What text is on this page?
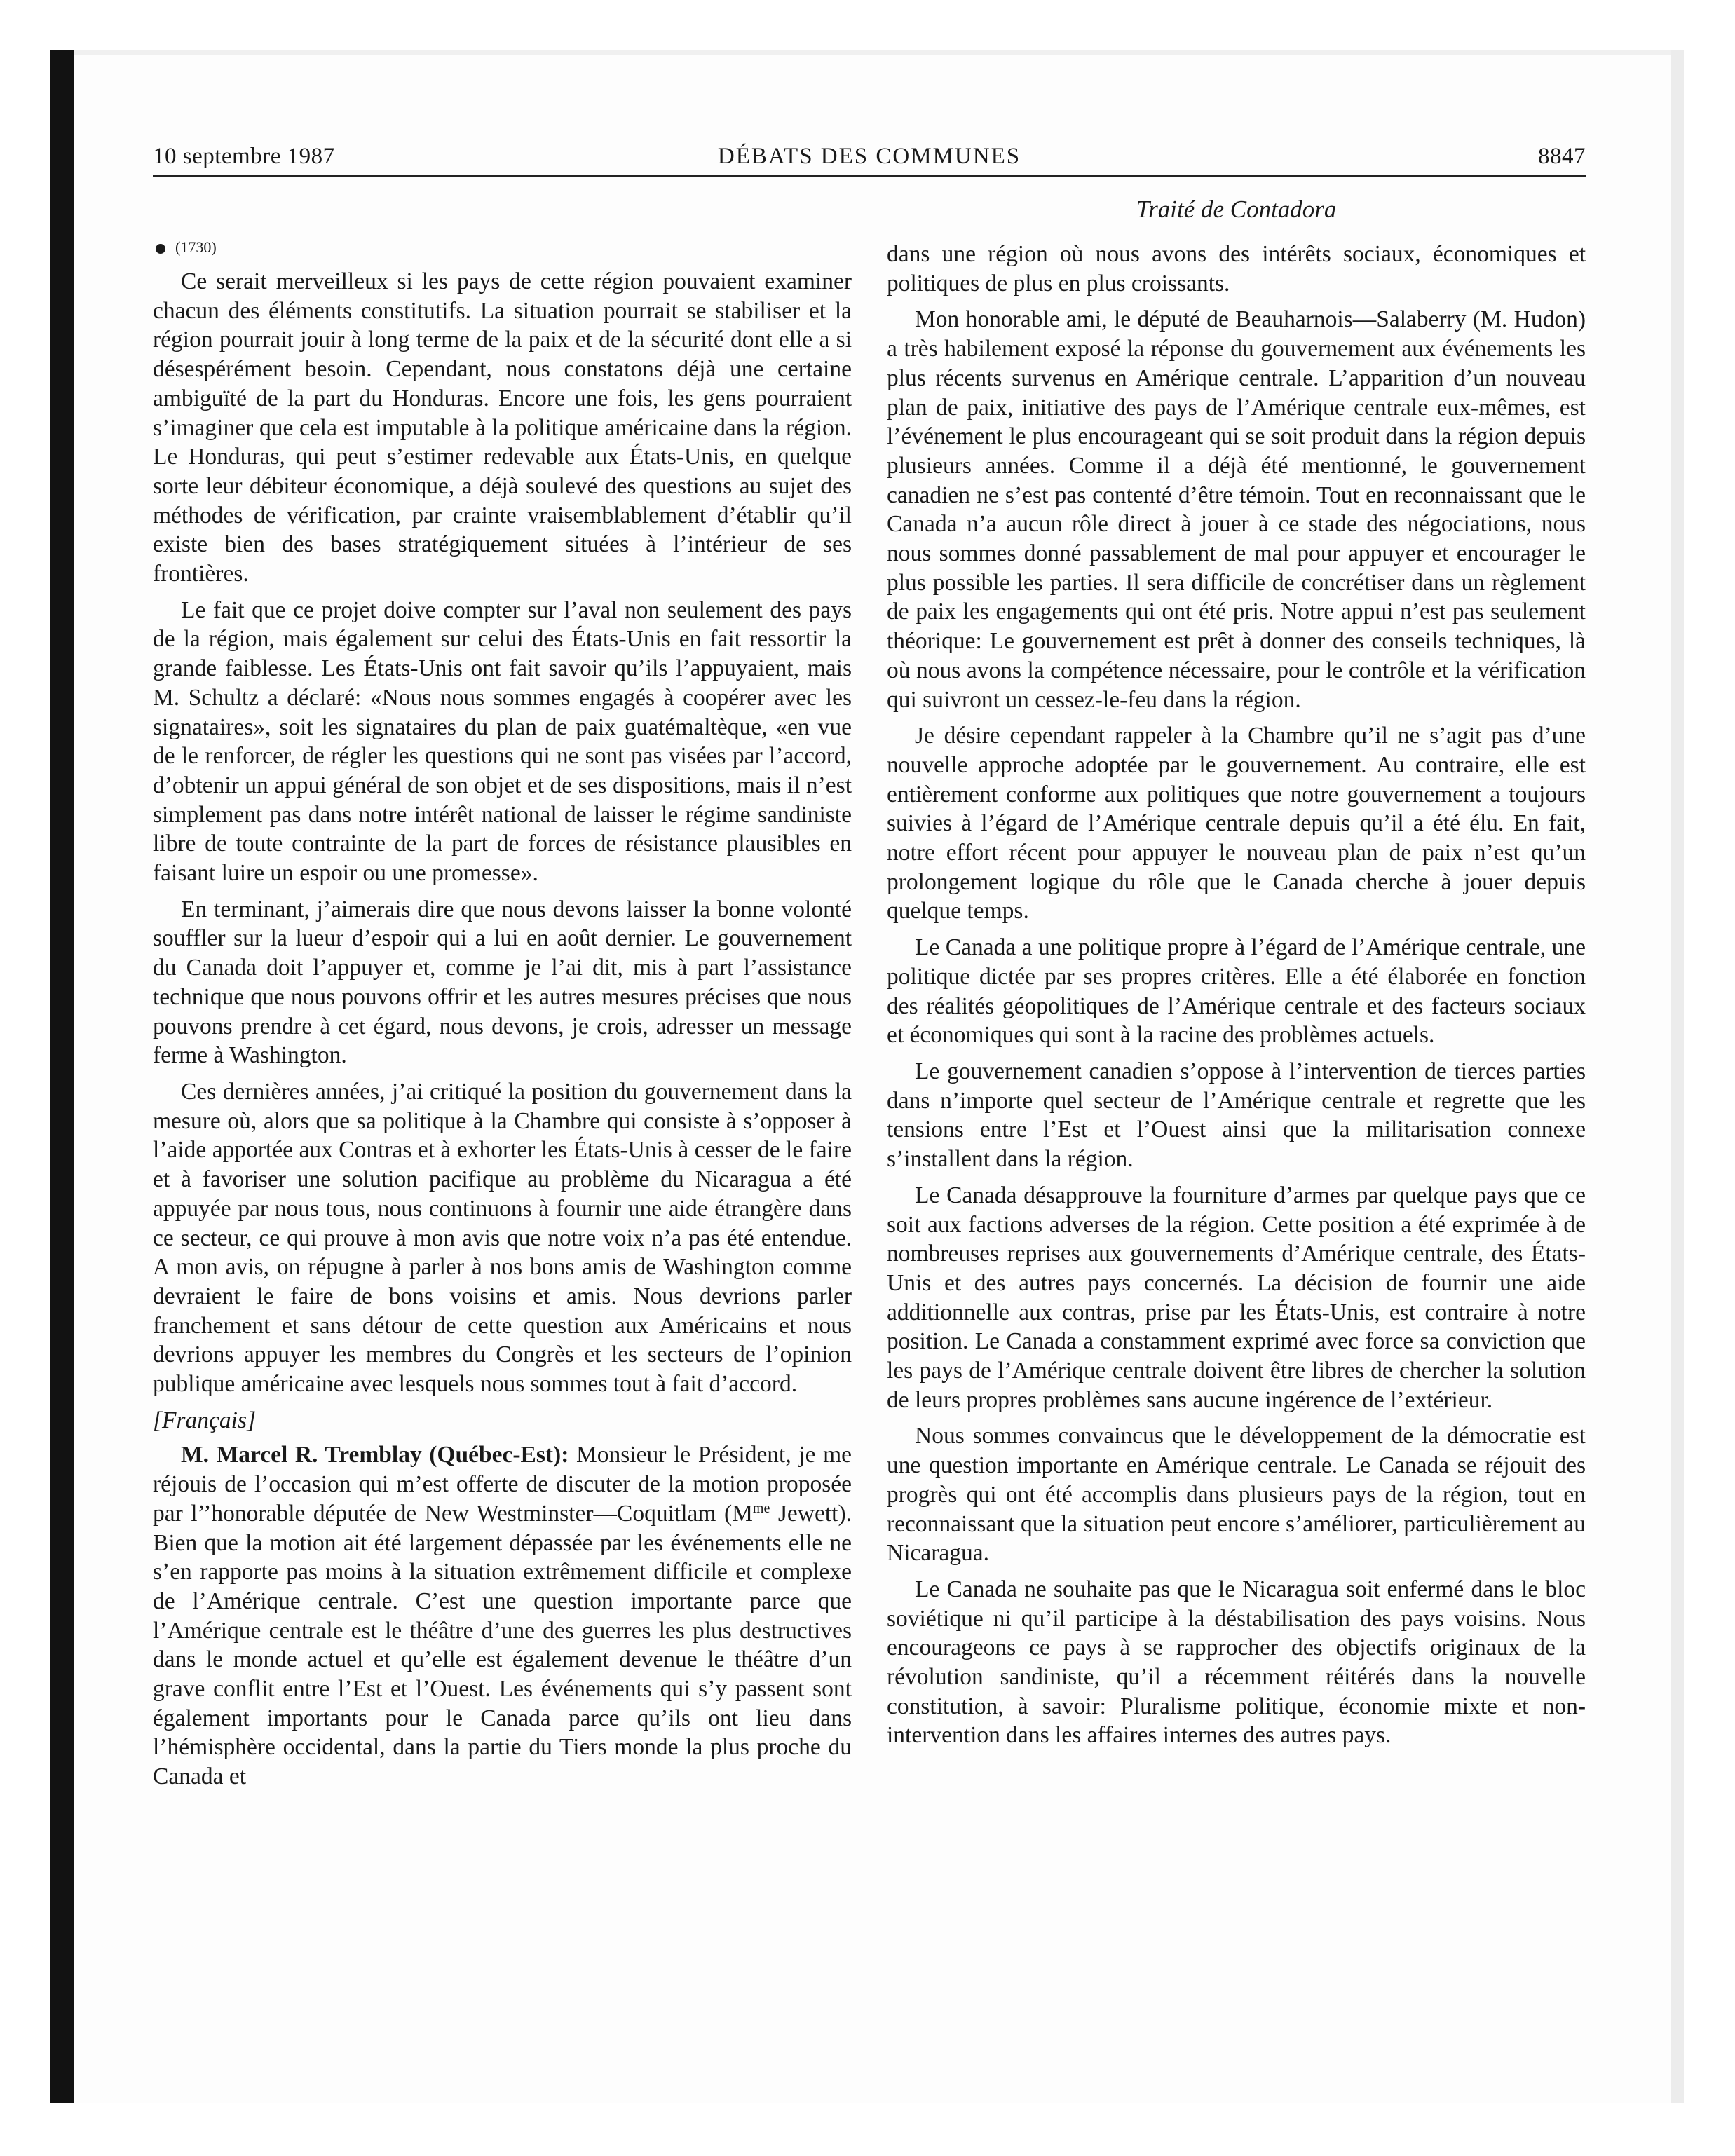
10 septembre 1987	DÉBATS DES COMMUNES	8847
Traité de Contadora
(1730)

Ce serait merveilleux si les pays de cette région pouvaient examiner chacun des éléments constitutifs. La situation pourrait se stabiliser et la région pourrait jouir à long terme de la paix et de la sécurité dont elle a si désespérément besoin. Cependant, nous constatons déjà une certaine ambiguïté de la part du Honduras. Encore une fois, les gens pourraient s’imaginer que cela est imputable à la politique américaine dans la région. Le Honduras, qui peut s’estimer redevable aux États-Unis, en quelque sorte leur débiteur économique, a déjà soulevé des questions au sujet des méthodes de vérification, par crainte vraisemblablement d’établir qu’il existe bien des bases stratégiquement situées à l’intérieur de ses frontières.

Le fait que ce projet doive compter sur l’aval non seulement des pays de la région, mais également sur celui des États-Unis en fait ressortir la grande faiblesse. Les États-Unis ont fait savoir qu’ils l’appuyaient, mais M. Schultz a déclaré: «Nous nous sommes engagés à coopérer avec les signataires», soit les signataires du plan de paix guatémaltèque, «en vue de le renforcer, de régler les questions qui ne sont pas visées par l’accord, d’obtenir un appui général de son objet et de ses dispositions, mais il n’est simplement pas dans notre intérêt national de laisser le régime sandiniste libre de toute contrainte de la part de forces de résistance plausibles en faisant luire un espoir ou une promesse».

En terminant, j’aimerais dire que nous devons laisser la bonne volonté souffler sur la lueur d’espoir qui a lui en août dernier. Le gouvernement du Canada doit l’appuyer et, comme je l’ai dit, mis à part l’assistance technique que nous pouvons offrir et les autres mesures précises que nous pouvons prendre à cet égard, nous devons, je crois, adresser un message ferme à Washington.

Ces dernières années, j’ai critiqué la position du gouvernement dans la mesure où, alors que sa politique à la Chambre qui consiste à s’opposer à l’aide apportée aux Contras et à exhorter les États-Unis à cesser de le faire et à favoriser une solution pacifique au problème du Nicaragua a été appuyée par nous tous, nous continuons à fournir une aide étrangère dans ce secteur, ce qui prouve à mon avis que notre voix n’a pas été entendue. A mon avis, on répugne à parler à nos bons amis de Washington comme devraient le faire de bons voisins et amis. Nous devrions parler franchement et sans détour de cette question aux Américains et nous devrions appuyer les membres du Congrès et les secteurs de l’opinion publique américaine avec lesquels nous sommes tout à fait d’accord.

[Français]

M. Marcel R. Tremblay (Québec-Est): Monsieur le Président, je me réjouis de l’occasion qui m’est offerte de discuter de la motion proposée par l’’honorable députée de New Westminster—Coquitlam ($M^{me}$ Jewett). Bien que la motion ait été largement dépassée par les événements elle ne s’en rapporte pas moins à la situation extrêmement difficile et complexe de l’Amérique centrale. C’est une question importante parce que l’Amérique centrale est le théâtre d’une des guerres les plus destructives dans le monde actuel et qu’elle est également devenue le théâtre d’un grave conflit entre l’Est et l’Ouest. Les événements qui s’y passent sont également importants pour le Canada parce qu’ils ont lieu dans l’hémisphère occidental, dans la partie du Tiers monde la plus proche du Canada et

dans une région où nous avons des intérêts sociaux, économiques et politiques de plus en plus croissants.

Mon honorable ami, le député de Beauharnois—Salaberry (M. Hudon) a très habilement exposé la réponse du gouvernement aux événements les plus récents survenus en Amérique centrale. L’apparition d’un nouveau plan de paix, initiative des pays de l’Amérique centrale eux-mêmes, est l’événement le plus encourageant qui se soit produit dans la région depuis plusieurs années. Comme il a déjà été mentionné, le gouvernement canadien ne s’est pas contenté d’être témoin. Tout en reconnaissant que le Canada n’a aucun rôle direct à jouer à ce stade des négociations, nous nous sommes donné passablement de mal pour appuyer et encourager le plus possible les parties. Il sera difficile de concrétiser dans un règlement de paix les engagements qui ont été pris. Notre appui n’est pas seulement théorique: Le gouvernement est prêt à donner des conseils techniques, là où nous avons la compétence nécessaire, pour le contrôle et la vérification qui suivront un cessez-le-feu dans la région.

Je désire cependant rappeler à la Chambre qu’il ne s’agit pas d’une nouvelle approche adoptée par le gouvernement. Au contraire, elle est entièrement conforme aux politiques que notre gouvernement a toujours suivies à l’égard de l’Amérique centrale depuis qu’il a été élu. En fait, notre effort récent pour appuyer le nouveau plan de paix n’est qu’un prolongement logique du rôle que le Canada cherche à jouer depuis quelque temps.

Le Canada a une politique propre à l’égard de l’Amérique centrale, une politique dictée par ses propres critères. Elle a été élaborée en fonction des réalités géopolitiques de l’Amérique centrale et des facteurs sociaux et économiques qui sont à la racine des problèmes actuels.

Le gouvernement canadien s’oppose à l’intervention de tierces parties dans n’importe quel secteur de l’Amérique centrale et regrette que les tensions entre l’Est et l’Ouest ainsi que la militarisation connexe s’installent dans la région.

Le Canada désapprouve la fourniture d’armes par quelque pays que ce soit aux factions adverses de la région. Cette position a été exprimée à de nombreuses reprises aux gouvernements d’Amérique centrale, des États-Unis et des autres pays concernés. La décision de fournir une aide additionnelle aux contras, prise par les États-Unis, est contraire à notre position. Le Canada a constamment exprimé avec force sa conviction que les pays de l’Amérique centrale doivent être libres de chercher la solution de leurs propres problèmes sans aucune ingérence de l’extérieur.

Nous sommes convaincus que le développement de la démocratie est une question importante en Amérique centrale. Le Canada se réjouit des progrès qui ont été accomplis dans plusieurs pays de la région, tout en reconnaissant que la situation peut encore s’améliorer, particulièrement au Nicaragua.

Le Canada ne souhaite pas que le Nicaragua soit enfermé dans le bloc soviétique ni qu’il participe à la déstabilisation des pays voisins. Nous encourageons ce pays à se rapprocher des objectifs originaux de la révolution sandiniste, qu’il a récemment réitérés dans la nouvelle constitution, à savoir: Pluralisme politique, économie mixte et non-intervention dans les affaires internes des autres pays.
